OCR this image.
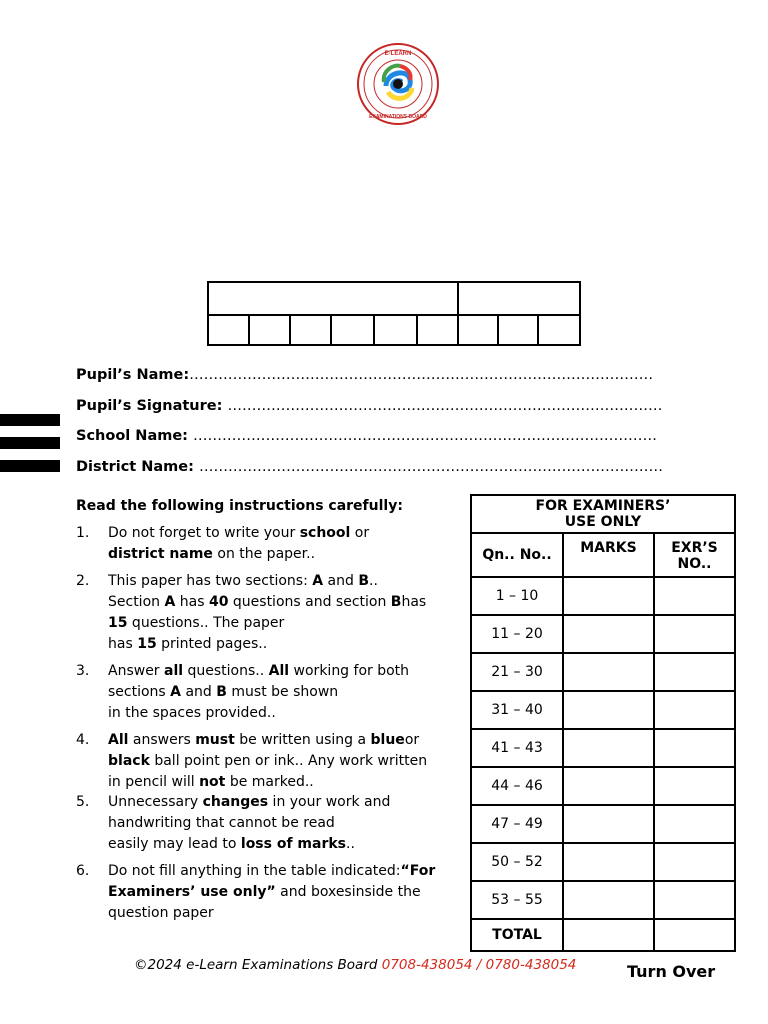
E-LEARN
EXAMINATIONS BOARD

Pupil’s Name:……………………………………………………………………………………
Pupil’s Signature: ………………………………………………………………………………
School Name: ……………………………………………………………………………………
District Name: ……………………………………………………………………………………
Read the following instructions carefully:
1. Do not forget to write your school or
district name on the paper..
2. This paper has two sections: A and B..
Section A has 40 questions and section Bhas
15 questions.. The paper
has 15 printed pages..
3. Answer all questions.. All working for both
sections A and B must be shown
in the spaces provided..
4. All answers must be written using a blueor
black ball point pen or ink.. Any work written
in pencil will not be marked..
5. Unnecessary changes in your work and
handwriting that cannot be read
easily may lead to loss of marks..
6. Do not fill anything in the table indicated:“For
Examiners’ use only” and boxesinside the
question paper
FOR EXAMINERS’
USE ONLY		
Qn.. No..	MARKS	EXR’S NO..
1 – 10		
11 – 20		
21 – 30		
31 – 40		
41 – 43		
44 – 46		
47 – 49		
50 – 52		
53 – 55		
TOTAL		
©2024 e-Learn Examinations Board 0708-438054 / 0780-438054	Turn Over
